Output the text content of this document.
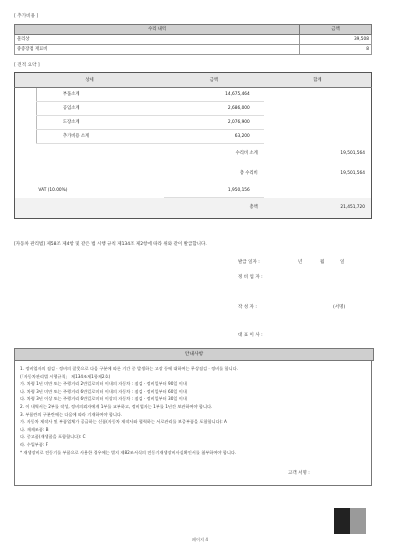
[ 추가비용 ]
수리 내역	금액
물리상	39,508
중증장점 재료비	8
[ 견적 요약 ]
상세		금액	합계
	부품소계	14,675,464	
	공임소계	2,686,000	
	도장소계	2,076,900	
	추가비용 소계	63,200	
		수리비 소계	19,501,564
		총 수리비	19,501,564
	VAT (10.00%)	1,950,156	
		총액	21,451,720
[자동차 관리법] 제58조 제4항 및 같은 법 시행 규칙 제134조 제2항에 따라 위와 같이 발급합니다.
발급 일자 :	년	월	일
정 비 업 자 :
작 성 자 :	(서명)
대 표 이 사 :
안내사항
1. 정비업자의 점검 · 정비의 잘못으로 다음 구분에 따른 기간 중 발생하는 고장 등에 대하여는 무상점검 · 정비를 합니다.
(「자동차관리법 시행규칙」 제134조제1항제2호)
가. 차령 1년 미만 또는 주행거리 2만킬로미터 이내의 자동차 : 점검 · 정비일부터 90일 이내
나. 차령 3년 미만 또는 주행거리 6만킬로미터 이내의 자동차 : 점검 · 정비일부터 60일 이내
다. 차령 3년 이상 또는 주행거리 6만킬로미터 이상의 자동차 : 점검 · 정비일부터 30일 이내
2. 이 내역서는 2부를 작성, 정비의뢰자에게 1부를 교부하고, 정비업자는 1부를 1년간 보관하여야 합니다.
3. 부품란의 구분란에는 다음에 따라 기재하여야 합니다.
가. 자동차 제작사 및 부품업체가 공급하는 신품(자동차 제작사와 협력하는 서로관리를 보증부품을 포함합니다): A
나. 재제조품: B
다. 중고품(재생품을 포함합니다): C
라. 수입부품: F
* 재생장비로 전동기를 부품으로 사용한 경우에는 별지 제82조서식의 전동기재생장비사실확인서를 첨부하여야 합니다.
고객 서명 :
페이지 4
